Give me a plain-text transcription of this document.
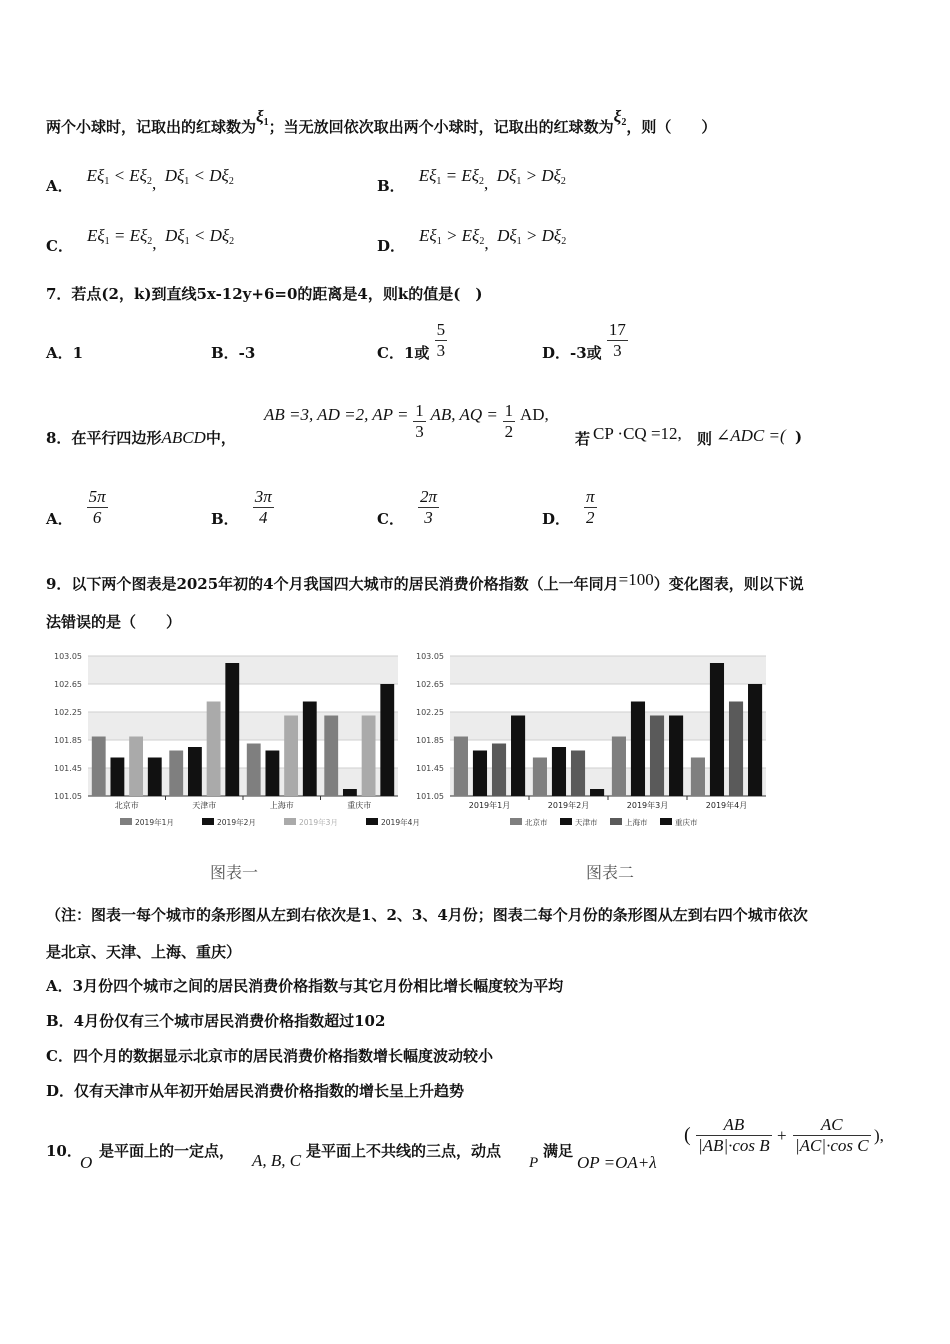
两个小球时，记取出的红球数为$\xi_1$；当无放回依次取出两个小球时，记取出的红球数为$\xi_2$，则（　　）
A．$E\xi_1 < E\xi_2$, $D\xi_1 < D\xi_2$	B．$E\xi_1 = E\xi_2$, $D\xi_1 > D\xi_2$
C．$E\xi_1 = E\xi_2$, $D\xi_1 < D\xi_2$	D．$E\xi_1 > E\xi_2$, $D\xi_1 > D\xi_2$
7．若点(2，k)到直线5x-12y+6=0的距离是4，则k的值是(　)
A．1	B．-3	C．1或 $\frac{5}{3}$	D．-3或 $\frac{17}{3}$
8．在平行四边形ABCD中，
AB =3, AD =2, AP = $\frac{1}{3}$ AB, AQ = $\frac{1}{2}$ AD,
若 CP ·CQ =12, 则 ∠ADC =( )
A． $\frac{5\pi}{6}$	B． $\frac{3\pi}{4}$	C． $\frac{2\pi}{3}$	D． $\frac{\pi}{2}$
9．以下两个图表是2025年初的4个月我国四大城市的居民消费价格指数（上一年同月=100）变化图表，则以下说
法错误的是（　　）
101.05
101.45
101.85
102.25
102.65
103.05
北京市	天津市	上海市	重庆市
2019年1月	2019年2月	2019年3月	2019年4月
101.05
101.45
101.85
102.25
102.65
103.05
2019年1月	2019年2月	2019年3月	2019年4月
北京市	天津市	上海市	重庆市
图表一	图表二
（注：图表一每个城市的条形图从左到右依次是1、2、3、4月份；图表二每个月份的条形图从左到右四个城市依次
是北京、天津、上海、重庆）
A．3月份四个城市之间的居民消费价格指数与其它月份相比增长幅度较为平均
B．4月份仅有三个城市居民消费价格指数超过102
C．四个月的数据显示北京市的居民消费价格指数增长幅度波动较小
D．仅有天津市从年初开始居民消费价格指数的增长呈上升趋势
10．
O
是平面上的一定点， A, B, C 是平面上不共线的三点，动点
P
满足
OP =OA+λ
( $\frac{AB}{\text{|AB|·cos B}} + \frac{AC}{\text{|AC|·cos C}}$ ),
